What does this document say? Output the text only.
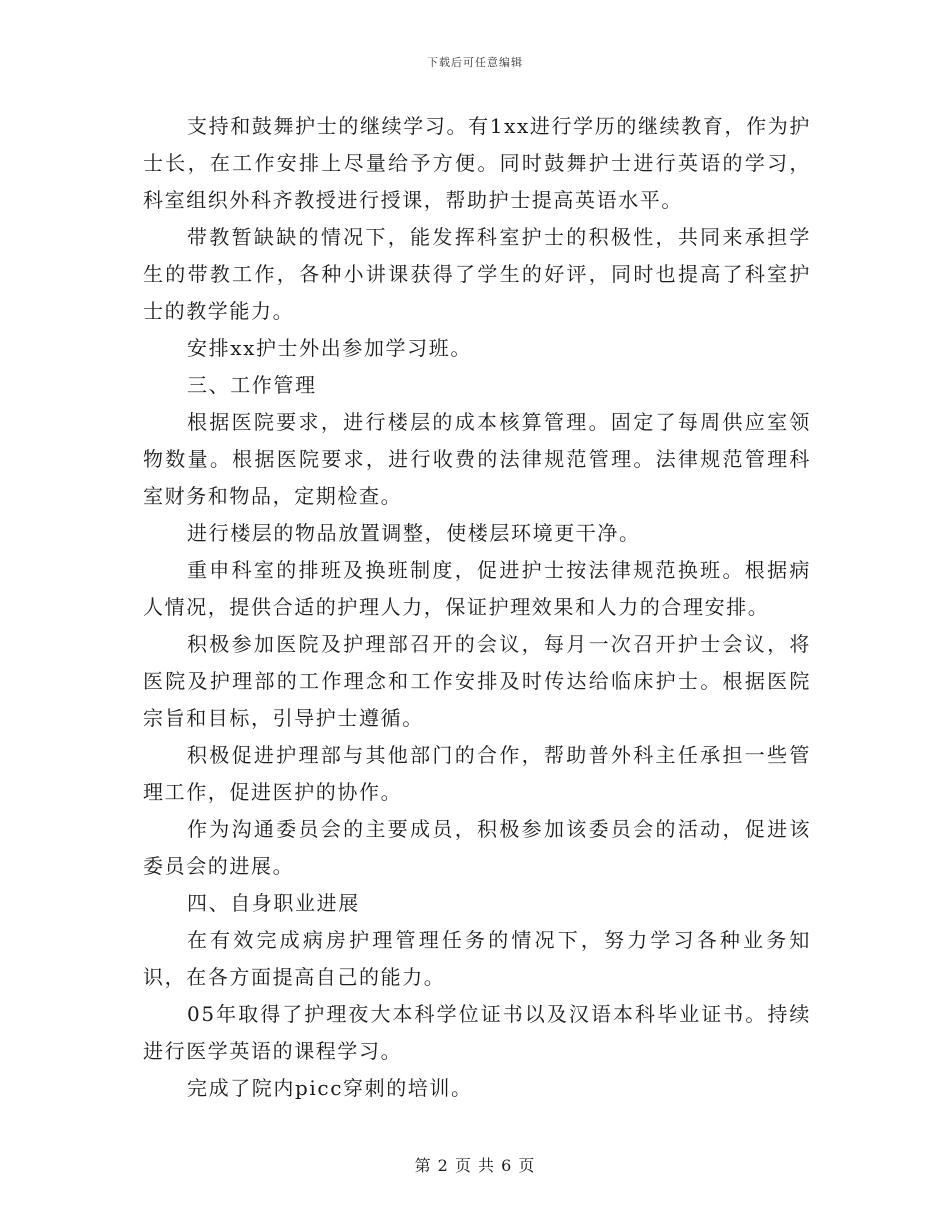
下载后可任意编辑

支持和鼓舞护士的继续学习。有1xx进行学历的继续教育，作为护士长，在工作安排上尽量给予方便。同时鼓舞护士进行英语的学习，科室组织外科齐教授进行授课，帮助护士提高英语水平。

带教暂缺缺的情况下，能发挥科室护士的积极性，共同来承担学生的带教工作，各种小讲课获得了学生的好评，同时也提高了科室护士的教学能力。

安排xx护士外出参加学习班。

三、工作管理

根据医院要求，进行楼层的成本核算管理。固定了每周供应室领物数量。根据医院要求，进行收费的法律规范管理。法律规范管理科室财务和物品，定期检查。

进行楼层的物品放置调整，使楼层环境更干净。

重申科室的排班及换班制度，促进护士按法律规范换班。根据病人情况，提供合适的护理人力，保证护理效果和人力的合理安排。

积极参加医院及护理部召开的会议，每月一次召开护士会议，将医院及护理部的工作理念和工作安排及时传达给临床护士。根据医院宗旨和目标，引导护士遵循。

积极促进护理部与其他部门的合作，帮助普外科主任承担一些管理工作，促进医护的协作。

作为沟通委员会的主要成员，积极参加该委员会的活动，促进该委员会的进展。

四、自身职业进展

在有效完成病房护理管理任务的情况下，努力学习各种业务知识，在各方面提高自己的能力。

05年取得了护理夜大本科学位证书以及汉语本科毕业证书。持续进行医学英语的课程学习。

完成了院内picc穿刺的培训。

第 2 页 共 6 页
